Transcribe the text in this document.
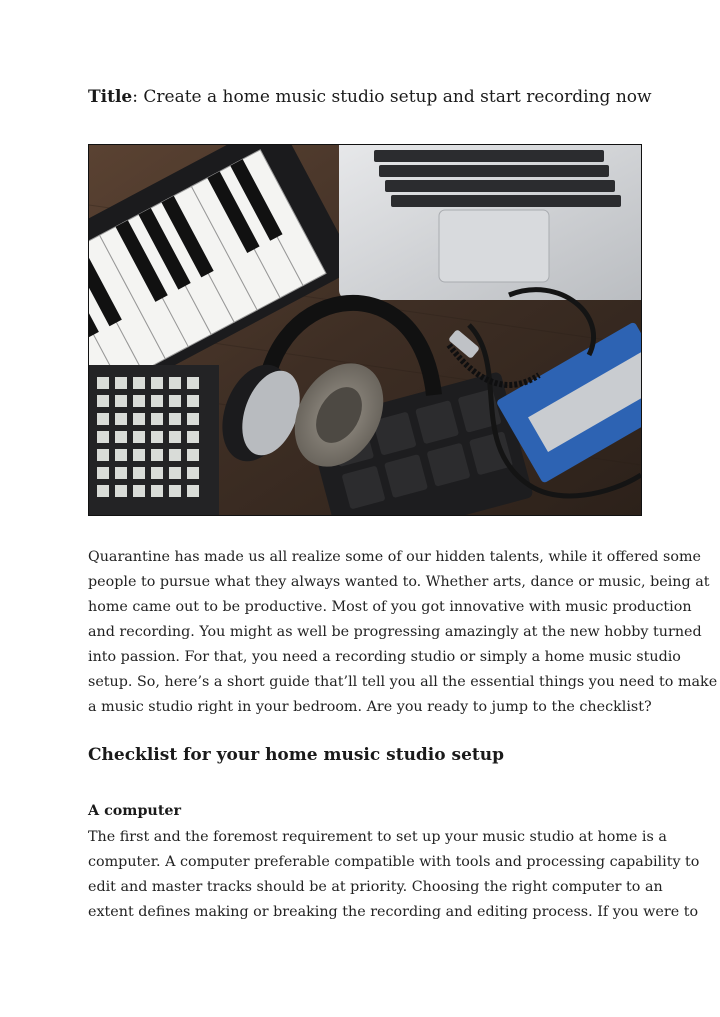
Title: Create a home music studio setup and start recording now
Quarantine has made us all realize some of our hidden talents, while it offered some
people to pursue what they always wanted to. Whether arts, dance or music, being at
home came out to be productive. Most of you got innovative with music production
and recording. You might as well be progressing amazingly at the new hobby turned
into passion. For that, you need a recording studio or simply a home music studio
setup. So, here’s a short guide that’ll tell you all the essential things you need to make
a music studio right in your bedroom. Are you ready to jump to the checklist?
Checklist for your home music studio setup
A computer
The first and the foremost requirement to set up your music studio at home is a
computer. A computer preferable compatible with tools and processing capability to
edit and master tracks should be at priority. Choosing the right computer to an
extent defines making or breaking the recording and editing process. If you were to
